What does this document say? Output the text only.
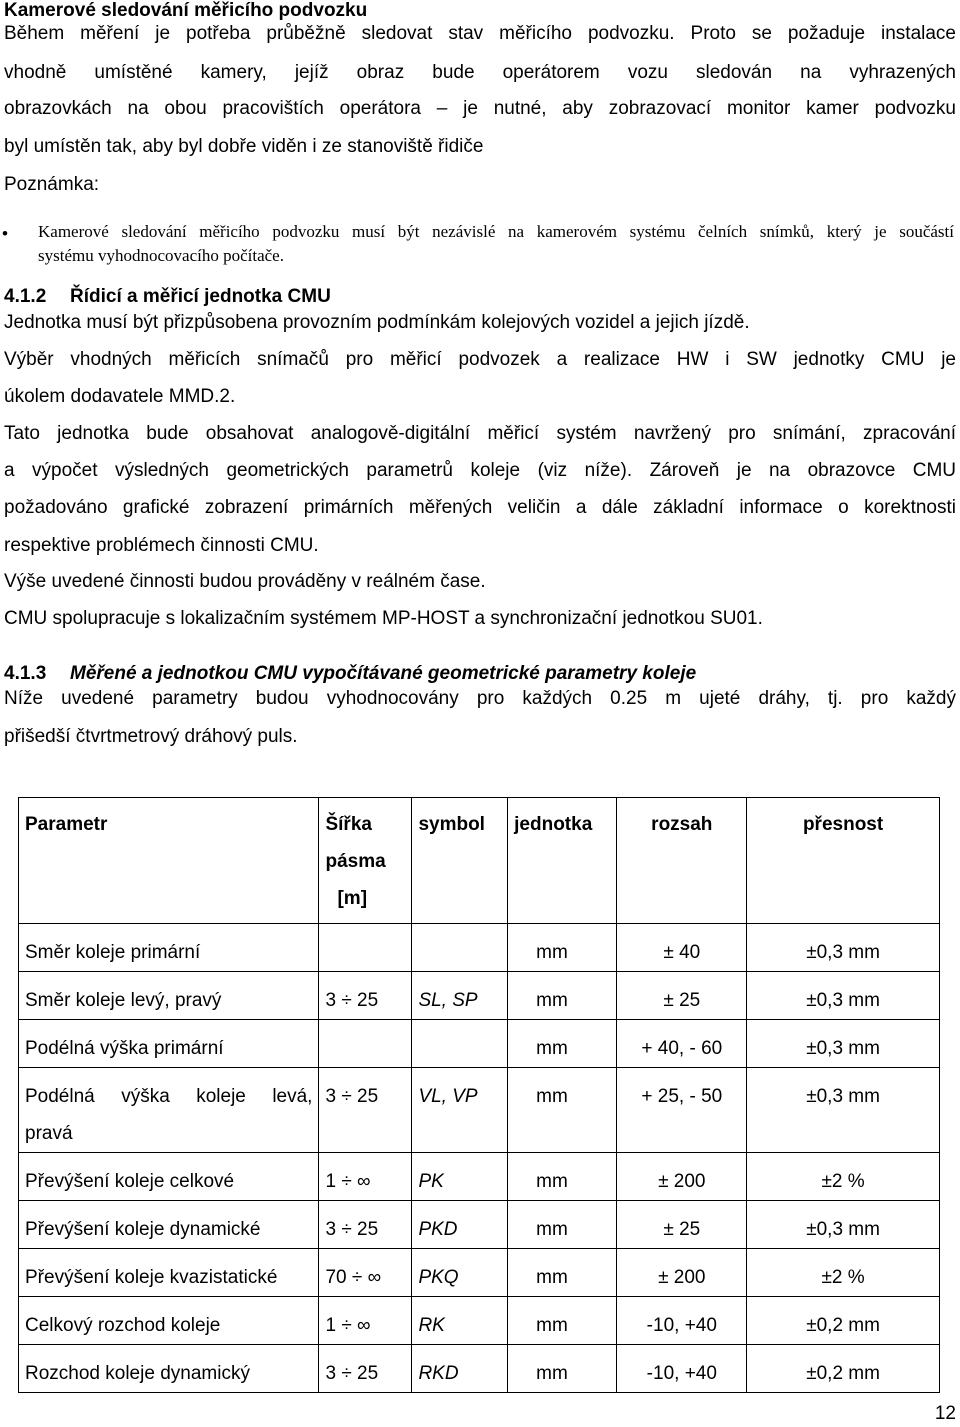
Kamerové sledování měřicího podvozku
Během měření je potřeba průběžně sledovat stav měřicího podvozku. Proto se požaduje instalace
vhodně umístěné kamery, jejíž obraz bude operátorem vozu sledován na vyhrazených
obrazovkách na obou pracovištích operátora – je nutné, aby zobrazovací monitor kamer podvozku
byl umístěn tak, aby byl dobře viděn i ze stanoviště řidiče
Poznámka:
• Kamerové sledování měřicího podvozku musí být nezávislé na kamerovém systému čelních snímků, který je součástí
systému vyhodnocovacího počítače.
4.1.2 Řídicí a měřicí jednotka CMU
Jednotka musí být přizpůsobena provozním podmínkám kolejových vozidel a jejich jízdě.
Výběr vhodných měřicích snímačů pro měřicí podvozek a realizace HW i SW jednotky CMU je
úkolem dodavatele MMD.2.
Tato jednotka bude obsahovat analogově-digitální měřicí systém navržený pro snímání, zpracování
a výpočet výsledných geometrických parametrů koleje (viz níže). Zároveň je na obrazovce CMU
požadováno grafické zobrazení primárních měřených veličin a dále základní informace o korektnosti
respektive problémech činnosti CMU.
Výše uvedené činnosti budou prováděny v reálném čase.
CMU spolupracuje s lokalizačním systémem MP-HOST a synchronizační jednotkou SU01.
4.1.3 Měřené a jednotkou CMU vypočítávané geometrické parametry koleje
Níže uvedené parametry budou vyhodnocovány pro každých 0.25 m ujeté dráhy, tj. pro každý
přišedší čtvrtmetrový dráhový puls.
Parametr	Šířka
pásma
[m]	symbol	jednotka	rozsah	přesnost
Směr koleje primární			mm	± 40	±0,3 mm
Směr koleje levý, pravý	3 ÷ 25	SL, SP	mm	± 25	±0,3 mm
Podélná výška primární			mm	+ 40, - 60	±0,3 mm

Podélná výška koleje levá,
pravá	3 ÷ 25	VL, VP	mm	+ 25, - 50	±0,3 mm
Převýšení koleje celkové	1 ÷ ∞	PK	mm	± 200	±2 %
Převýšení koleje dynamické	3 ÷ 25	PKD	mm	± 25	±0,3 mm
Převýšení koleje kvazistatické	70 ÷ ∞	PKQ	mm	± 200	±2 %
Celkový rozchod koleje	1 ÷ ∞	RK	mm	-10, +40	±0,2 mm
Rozchod koleje dynamický	3 ÷ 25	RKD	mm	-10, +40	±0,2 mm
12
